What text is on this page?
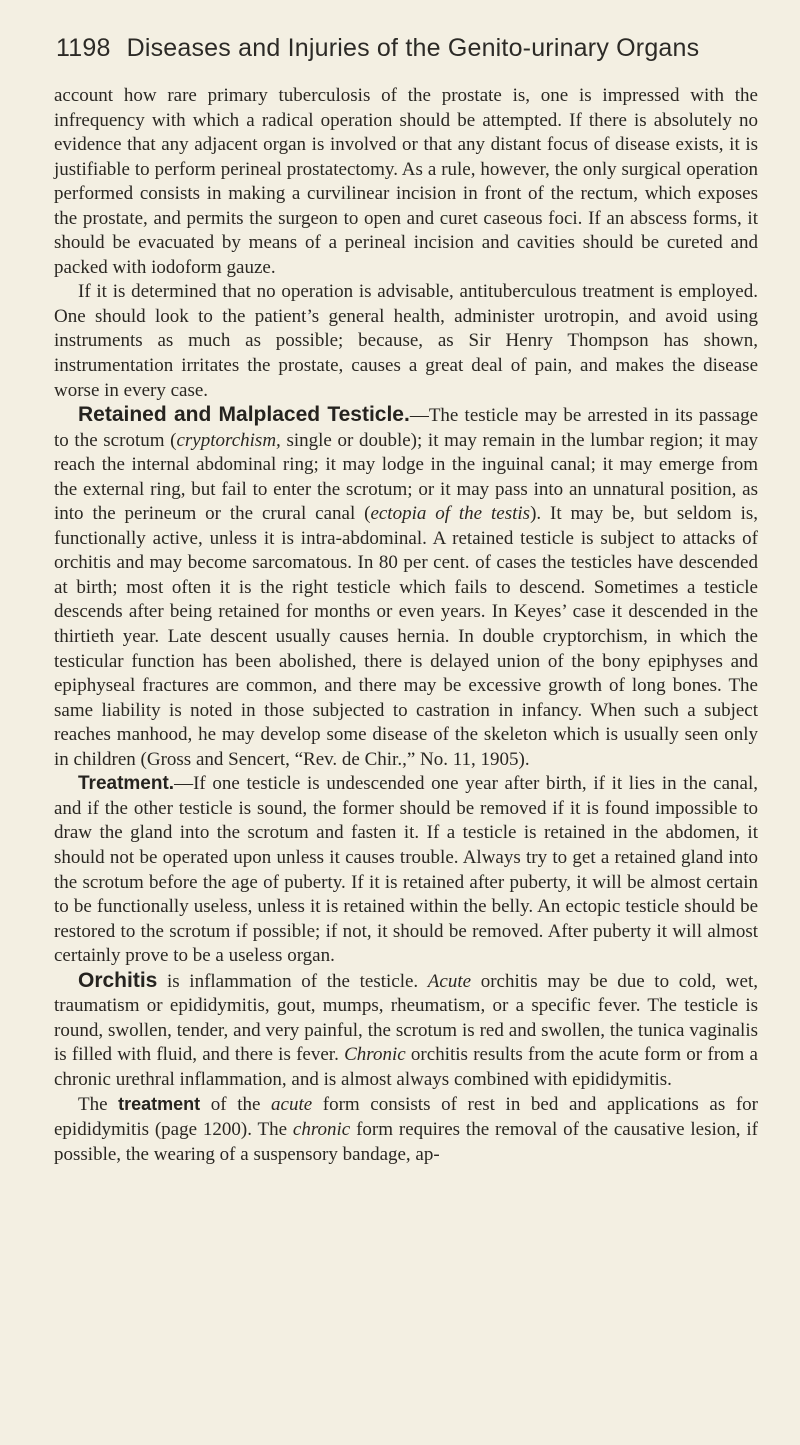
1198 Diseases and Injuries of the Genito-urinary Organs

account how rare primary tuberculosis of the prostate is, one is impressed with the infrequency with which a radical operation should be attempted. If there is absolutely no evidence that any adjacent organ is involved or that any distant focus of disease exists, it is justifiable to perform perineal prostatectomy. As a rule, however, the only surgical operation performed consists in making a curvilinear incision in front of the rectum, which exposes the prostate, and permits the surgeon to open and curet caseous foci. If an abscess forms, it should be evacuated by means of a perineal incision and cavities should be cureted and packed with iodoform gauze.

If it is determined that no operation is advisable, antituberculous treatment is employed. One should look to the patient’s general health, administer urotropin, and avoid using instruments as much as possible; because, as Sir Henry Thompson has shown, instrumentation irritates the prostate, causes a great deal of pain, and makes the disease worse in every case.

Retained and Malplaced Testicle.—The testicle may be arrested in its passage to the scrotum (cryptorchism, single or double); it may remain in the lumbar region; it may reach the internal abdominal ring; it may lodge in the inguinal canal; it may emerge from the external ring, but fail to enter the scrotum; or it may pass into an unnatural position, as into the perineum or the crural canal (ectopia of the testis). It may be, but seldom is, functionally active, unless it is intra-abdominal. A retained testicle is subject to attacks of orchitis and may become sarcomatous. In 80 per cent. of cases the testicles have descended at birth; most often it is the right testicle which fails to descend. Sometimes a testicle descends after being retained for months or even years. In Keyes’ case it descended in the thirtieth year. Late descent usually causes hernia. In double cryptorchism, in which the testicular function has been abolished, there is delayed union of the bony epiphyses and epiphyseal fractures are common, and there may be excessive growth of long bones. The same liability is noted in those subjected to castration in infancy. When such a subject reaches manhood, he may develop some disease of the skeleton which is usually seen only in children (Gross and Sencert, “Rev. de Chir.,” No. 11, 1905).

Treatment.—If one testicle is undescended one year after birth, if it lies in the canal, and if the other testicle is sound, the former should be removed if it is found impossible to draw the gland into the scrotum and fasten it. If a testicle is retained in the abdomen, it should not be operated upon unless it causes trouble. Always try to get a retained gland into the scrotum before the age of puberty. If it is retained after puberty, it will be almost certain to be functionally useless, unless it is retained within the belly. An ectopic testicle should be restored to the scrotum if possible; if not, it should be removed. After puberty it will almost certainly prove to be a useless organ.

Orchitis is inflammation of the testicle. Acute orchitis may be due to cold, wet, traumatism or epididymitis, gout, mumps, rheumatism, or a specific fever. The testicle is round, swollen, tender, and very painful, the scrotum is red and swollen, the tunica vaginalis is filled with fluid, and there is fever. Chronic orchitis results from the acute form or from a chronic urethral inflammation, and is almost always combined with epididymitis.

The treatment of the acute form consists of rest in bed and applications as for epididymitis (page 1200). The chronic form requires the removal of the causative lesion, if possible, the wearing of a suspensory bandage, ap-
